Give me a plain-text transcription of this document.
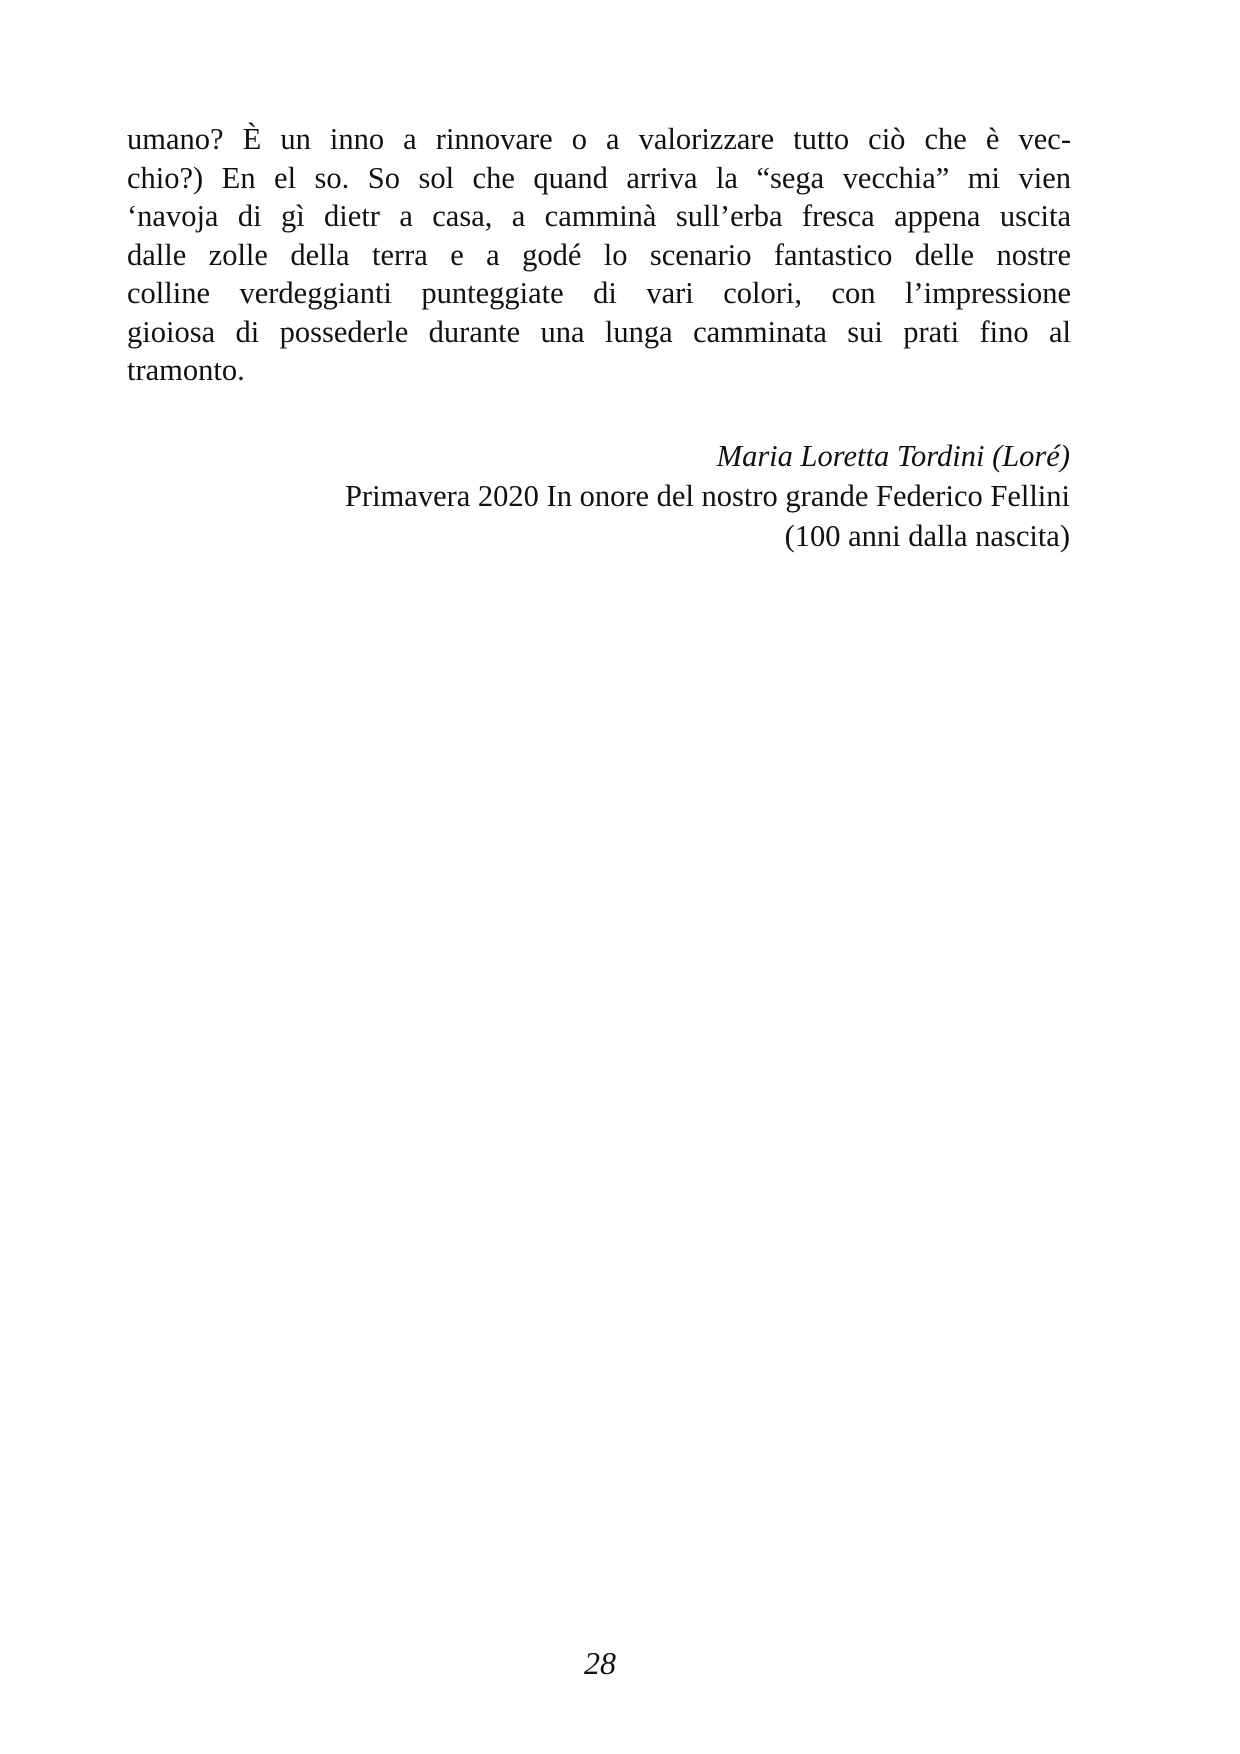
umano? È un inno a rinnovare o a valorizzare tutto ciò che è vec-
chio?) En el so. So sol che quand arriva la “sega vecchia” mi vien
‘navoja di gì dietr a casa, a camminà sull’erba fresca appena uscita
dalle zolle della terra e a godé lo scenario fantastico delle nostre
colline verdeggianti punteggiate di vari colori, con l’impressione
gioiosa di possederle durante una lunga camminata sui prati fino al
tramonto.
Maria Loretta Tordini (Loré)
Primavera 2020 In onore del nostro grande Federico Fellini
(100 anni dalla nascita)
28
